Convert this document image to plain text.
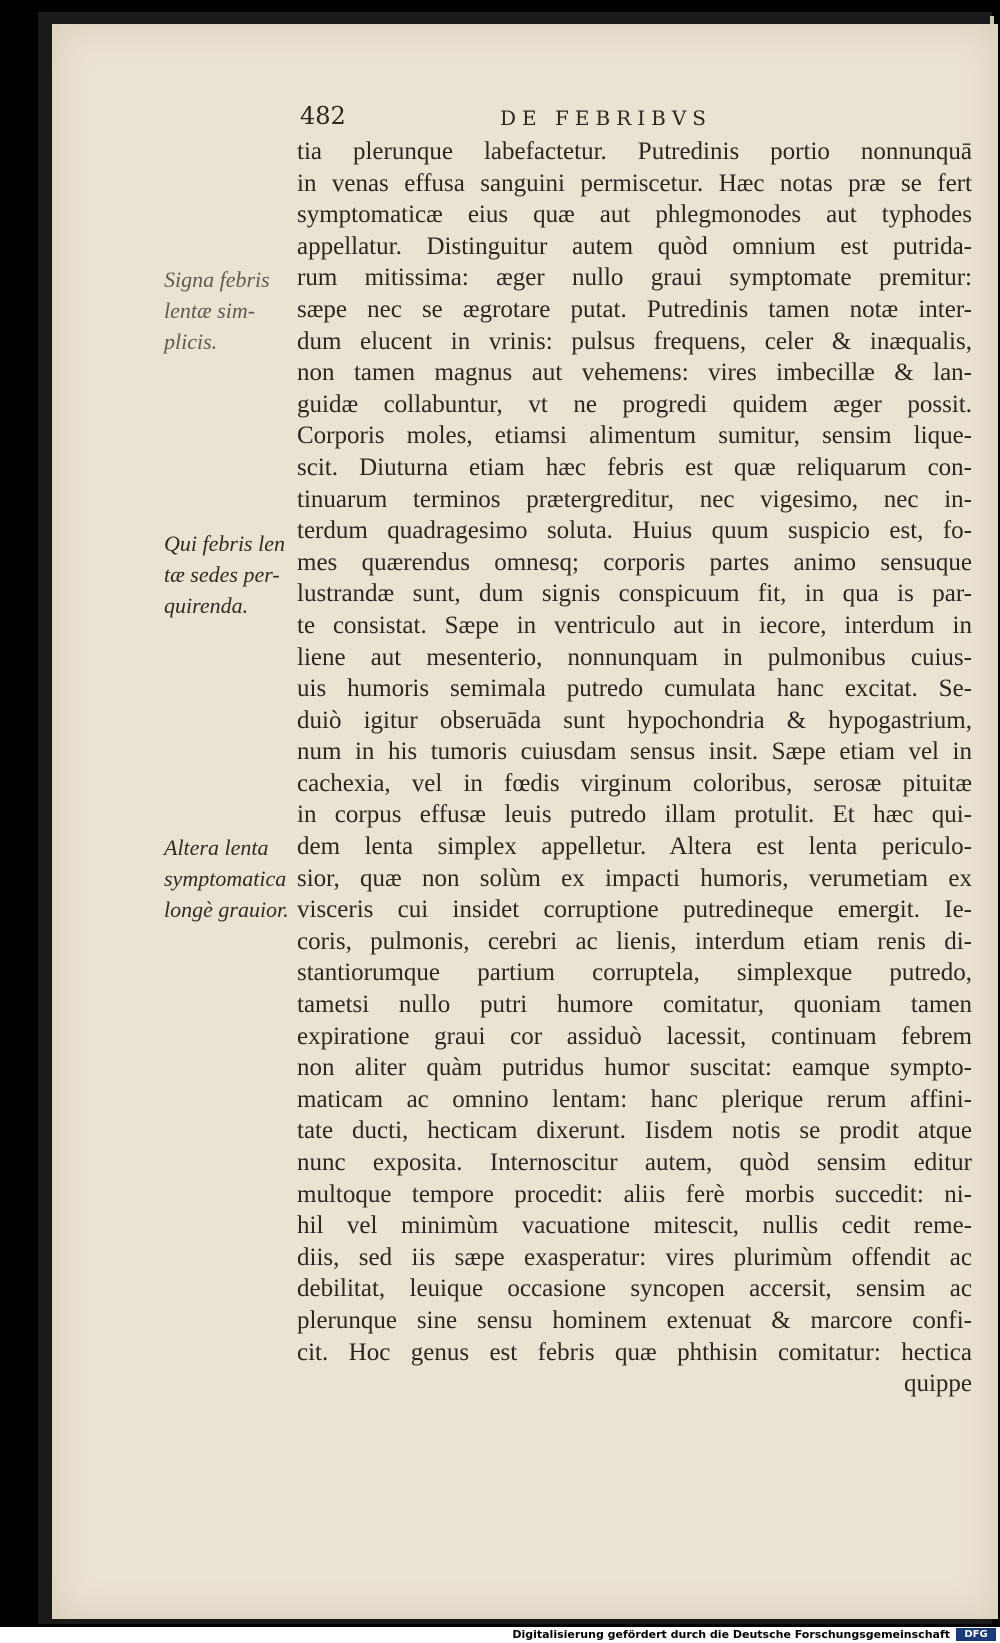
482	DE FEBRIBVS
tia plerunque labefactetur. Putredinis portio nonnunquā
in venas effusa sanguini permiscetur. Hæc notas præ se fert
symptomaticæ eius quæ aut phlegmonodes aut typhodes
appellatur. Distinguitur autem quòd omnium est putrida-
rum mitissima: æger nullo graui symptomate premitur:
sæpe nec se ægrotare putat. Putredinis tamen notæ inter-
dum elucent in vrinis: pulsus frequens, celer & inæqualis,
non tamen magnus aut vehemens: vires imbecillæ & lan-
guidæ collabuntur, vt ne progredi quidem æger possit.
Corporis moles, etiamsi alimentum sumitur, sensim lique-
scit. Diuturna etiam hæc febris est quæ reliquarum con-
tinuarum terminos prætergreditur, nec vigesimo, nec in-
terdum quadragesimo soluta. Huius quum suspicio est, fo-
mes quærendus omnesq; corporis partes animo sensuque
lustrandæ sunt, dum signis conspicuum fit, in qua is par-
te consistat. Sæpe in ventriculo aut in iecore, interdum in
liene aut mesenterio, nonnunquam in pulmonibus cuius-
uis humoris semimala putredo cumulata hanc excitat. Se-
duiò igitur obseruāda sunt hypochondria & hypogastrium,
num in his tumoris cuiusdam sensus insit. Sæpe etiam vel in
cachexia, vel in fœdis virginum coloribus, serosæ pituitæ
in corpus effusæ leuis putredo illam protulit. Et hæc qui-
dem lenta simplex appelletur. Altera est lenta periculo-
sior, quæ non solùm ex impacti humoris, verumetiam ex
visceris cui insidet corruptione putredineque emergit. Ie-
coris, pulmonis, cerebri ac lienis, interdum etiam renis di-
stantiorumque partium corruptela, simplexque putredo,
tametsi nullo putri humore comitatur, quoniam tamen
expiratione graui cor assiduò lacessit, continuam febrem
non aliter quàm putridus humor suscitat: eamque sympto-
maticam ac omnino lentam: hanc plerique rerum affini-
tate ducti, hecticam dixerunt. Iisdem notis se prodit atque
nunc exposita. Internoscitur autem, quòd sensim editur
multoque tempore procedit: aliis ferè morbis succedit: ni-
hil vel minimùm vacuatione mitescit, nullis cedit reme-
diis, sed iis sæpe exasperatur: vires plurimùm offendit ac
debilitat, leuique occasione syncopen accersit, sensim ac
plerunque sine sensu hominem extenuat & marcore confi-
cit. Hoc genus est febris quæ phthisin comitatur: hectica
quippe
Signa febris
lentæ sim-
plicis.
Qui febris len
tæ sedes per-
quirenda.
Altera lenta
symptomatica
longè grauior.
Digitalisierung gefördert durch die Deutsche Forschungsgemeinschaft	DFG
